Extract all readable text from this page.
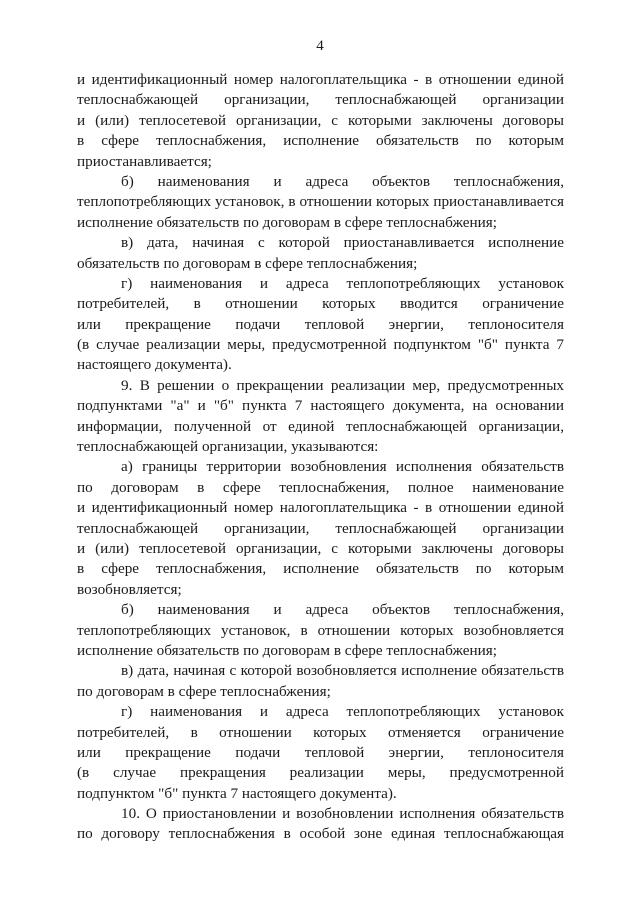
4
и идентификационный номер налогоплательщика - в отношении единой
теплоснабжающей организации, теплоснабжающей организации
и (или) теплосетевой организации, с которыми заключены договоры
в сфере теплоснабжения, исполнение обязательств по которым
приостанавливается;
б) наименования и адреса объектов теплоснабжения,
теплопотребляющих установок, в отношении которых приостанавливается
исполнение обязательств по договорам в сфере теплоснабжения;
в) дата, начиная с которой приостанавливается исполнение
обязательств по договорам в сфере теплоснабжения;
г) наименования и адреса теплопотребляющих установок
потребителей, в отношении которых вводится ограничение
или прекращение подачи тепловой энергии, теплоносителя
(в случае реализации меры, предусмотренной подпунктом "б" пункта 7
настоящего документа).
9. В решении о прекращении реализации мер, предусмотренных
подпунктами "а" и "б" пункта 7 настоящего документа, на основании
информации, полученной от единой теплоснабжающей организации,
теплоснабжающей организации, указываются:
а) границы территории возобновления исполнения обязательств
по договорам в сфере теплоснабжения, полное наименование
и идентификационный номер налогоплательщика - в отношении единой
теплоснабжающей организации, теплоснабжающей организации
и (или) теплосетевой организации, с которыми заключены договоры
в сфере теплоснабжения, исполнение обязательств по которым
возобновляется;
б) наименования и адреса объектов теплоснабжения,
теплопотребляющих установок, в отношении которых возобновляется
исполнение обязательств по договорам в сфере теплоснабжения;
в) дата, начиная с которой возобновляется исполнение обязательств
по договорам в сфере теплоснабжения;
г) наименования и адреса теплопотребляющих установок
потребителей, в отношении которых отменяется ограничение
или прекращение подачи тепловой энергии, теплоносителя
(в случае прекращения реализации меры, предусмотренной
подпунктом "б" пункта 7 настоящего документа).
10. О приостановлении и возобновлении исполнения обязательств
по договору теплоснабжения в особой зоне единая теплоснабжающая
